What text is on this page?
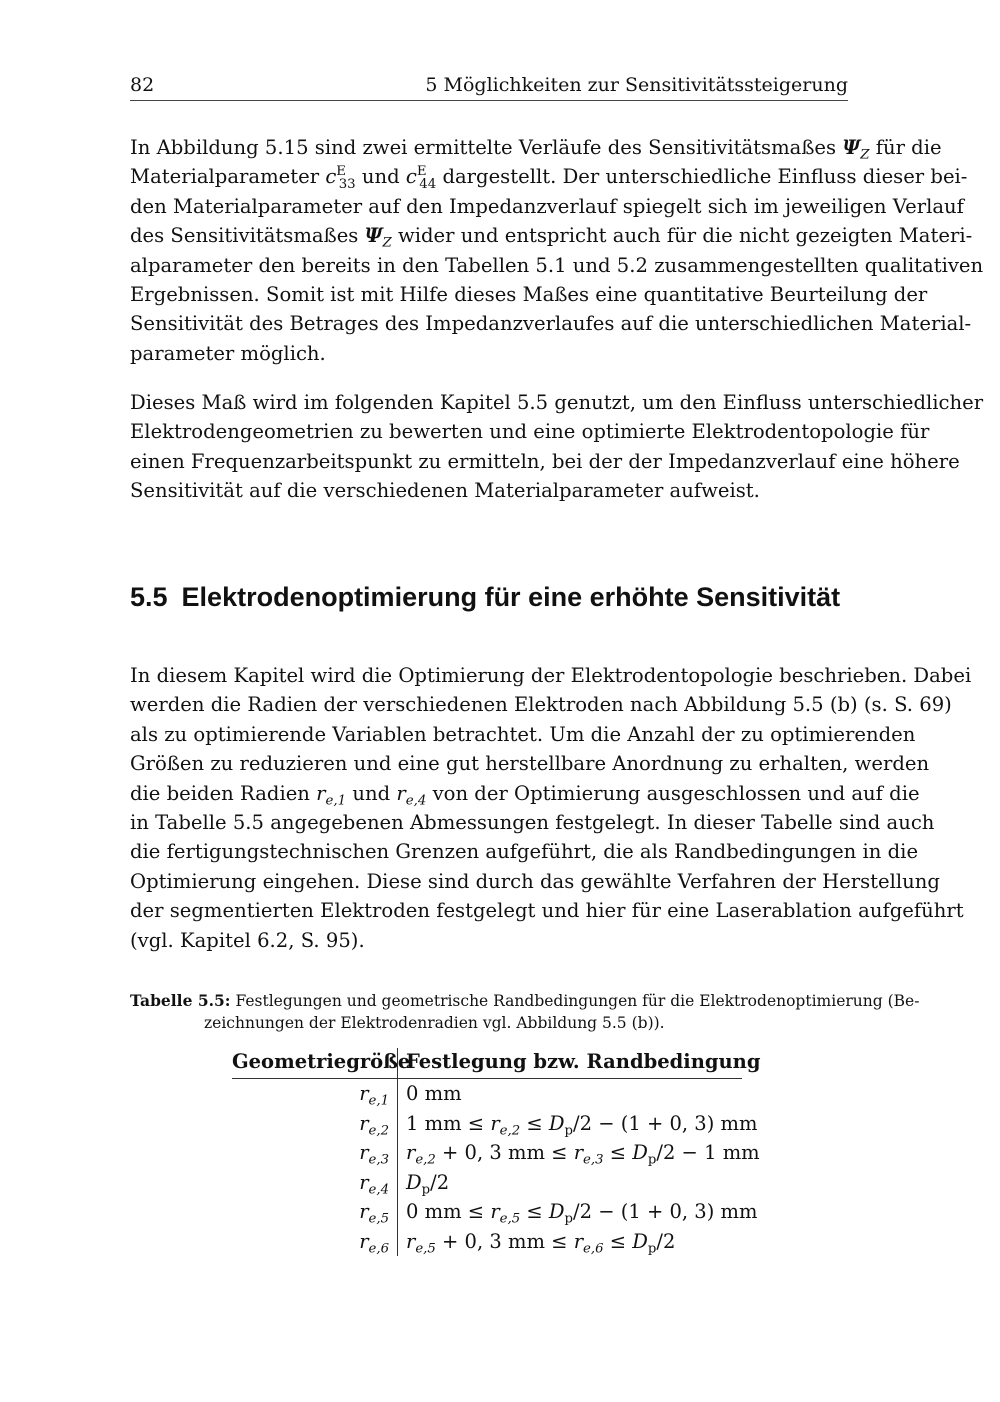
82	5 Möglichkeiten zur Sensitivitätssteigerung

In Abbildung 5.15 sind zwei ermittelte Verläufe des Sensitivitätsmaßes $\Psi_Z$ für die
Materialparameter $c^E_{33}$ und $c^E_{44}$ dargestellt. Der unterschiedliche Einfluss dieser bei-
den Materialparameter auf den Impedanzverlauf spiegelt sich im jeweiligen Verlauf
des Sensitivitätsmaßes $\Psi_Z$ wider und entspricht auch für die nicht gezeigten Materi-
alparameter den bereits in den Tabellen 5.1 und 5.2 zusammengestellten qualitativen
Ergebnissen. Somit ist mit Hilfe dieses Maßes eine quantitative Beurteilung der
Sensitivität des Betrages des Impedanzverlaufes auf die unterschiedlichen Material-
parameter möglich.

Dieses Maß wird im folgenden Kapitel 5.5 genutzt, um den Einfluss unterschiedlicher
Elektrodengeometrien zu bewerten und eine optimierte Elektrodentopologie für
einen Frequenzarbeitspunkt zu ermitteln, bei der der Impedanzverlauf eine höhere
Sensitivität auf die verschiedenen Materialparameter aufweist.

5.5 Elektrodenoptimierung für eine erhöhte Sensitivität

In diesem Kapitel wird die Optimierung der Elektrodentopologie beschrieben. Dabei
werden die Radien der verschiedenen Elektroden nach Abbildung 5.5 (b) (s. S. 69)
als zu optimierende Variablen betrachtet. Um die Anzahl der zu optimierenden
Größen zu reduzieren und eine gut herstellbare Anordnung zu erhalten, werden
die beiden Radien $r_{e,1}$ und $r_{e,4}$ von der Optimierung ausgeschlossen und auf die
in Tabelle 5.5 angegebenen Abmessungen festgelegt. In dieser Tabelle sind auch
die fertigungstechnischen Grenzen aufgeführt, die als Randbedingungen in die
Optimierung eingehen. Diese sind durch das gewählte Verfahren der Herstellung
der segmentierten Elektroden festgelegt und hier für eine Laserablation aufgeführt
(vgl. Kapitel 6.2, S. 95).

Tabelle 5.5: Festlegungen und geometrische Randbedingungen für die Elektrodenoptimierung (Be-
zeichnungen der Elektrodenradien vgl. Abbildung 5.5 (b)).
Geometriegröße
Festlegung bzw. Randbedingung
$r_{e,1}$ 0 mm
$r_{e,2}$ 1 mm ≤ $r_{e,2} \le D_p/2 - (1 + 0$, 3) mm
$r_{e,3}$ $r_{e,2} + 0$, 3 mm ≤ $r_{e,3} \le D_p/2 - 1$ mm
$r_{e,4}$ $D_p/2$
$r_{e,5}$ 0 mm ≤ $r_{e,5} \le D_p/2 - (1 + 0$, 3) mm
$r_{e,6}$ $r_{e,5} + 0$, 3 mm ≤ $r_{e,6} \le D_p/2$
